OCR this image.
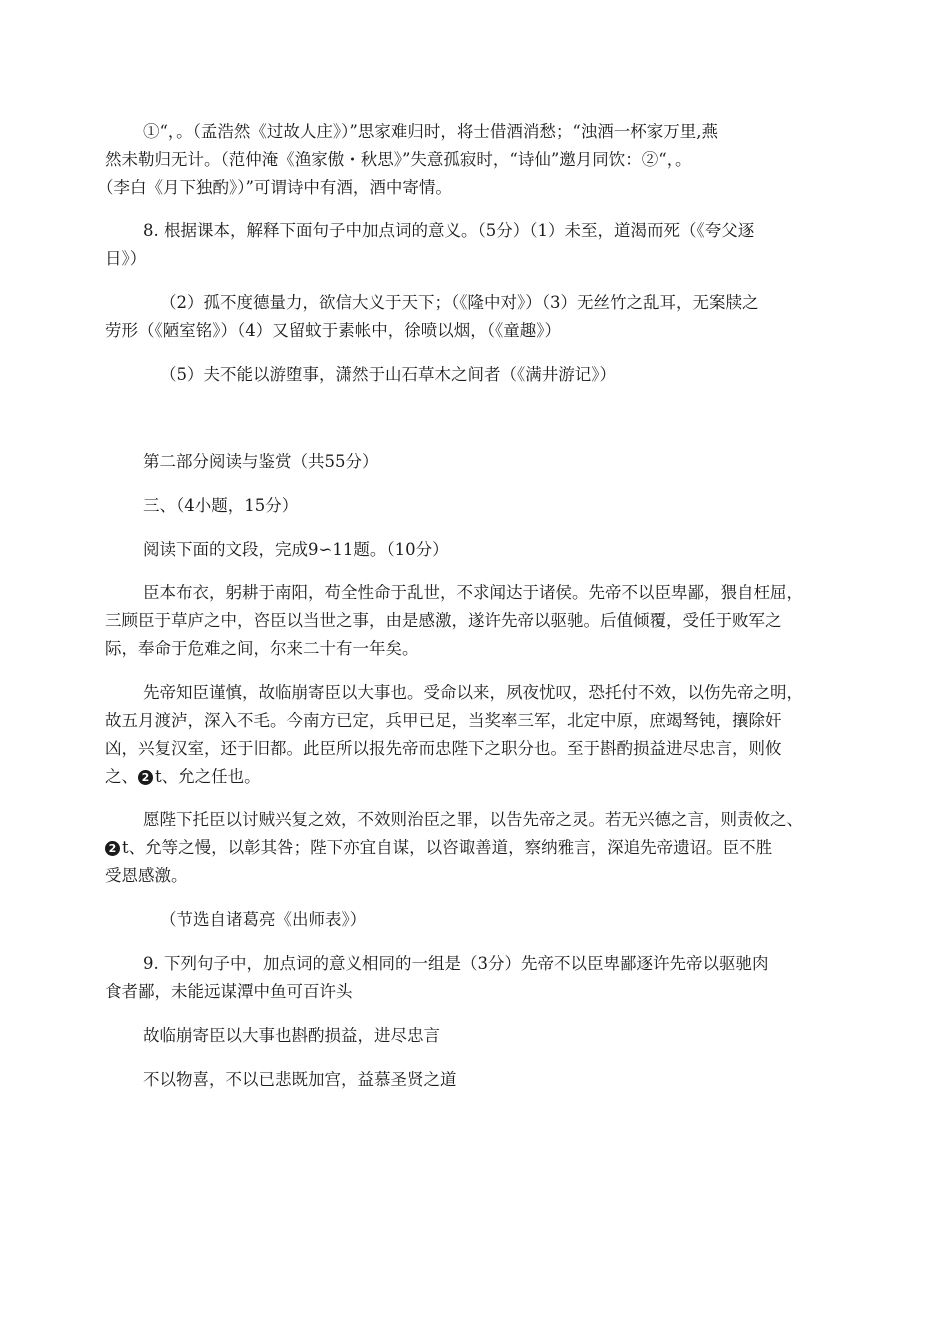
①“，。（孟浩然《过故人庄》）”思家难归时，将士借酒消愁；“浊酒一杯家万里,燕
然未勒归无计。（范仲淹《渔家傲・秋思》”失意孤寂时，“诗仙”邀月同饮：②“，。
（李白《月下独酌》）”可谓诗中有酒，酒中寄情。
8. 根据课本，解释下面句子中加点词的意义。（5分）（1）未至，道渴而死（《夸父逐
日》）
（2）孤不度德量力，欲信大义于天下；（《隆中对》）（3）无丝竹之乱耳，无案牍之
劳形（《陋室铭》）（4）又留蚊于素帐中，徐喷以烟，（《童趣》）
（5）夫不能以游堕事，潇然于山石草木之间者（《满井游记》）
第二部分阅读与鉴赏（共55分）
三、（4小题，15分）
阅读下面的文段，完成9∽11题。（10分）
臣本布衣，躬耕于南阳，苟全性命于乱世，不求闻达于诸侯。先帝不以臣卑鄙，猥自枉屈，
三顾臣于草庐之中，咨臣以当世之事，由是感激，遂许先帝以驱驰。后值倾覆，受任于败军之
际，奉命于危难之间，尔来二十有一年矣。
先帝知臣谨慎，故临崩寄臣以大事也。受命以来，夙夜忧叹，恐托付不效，以伤先帝之明，
故五月渡泸，深入不毛。今南方已定，兵甲已足，当奖率三军，北定中原，庶竭驽钝，攘除奸
凶，兴复汉室，还于旧都。此臣所以报先帝而忠陛下之职分也。至于斟酌损益进尽忠言，则攸
之、 2 t、允之任也。
愿陛下托臣以讨贼兴复之效，不效则治臣之罪，以告先帝之灵。若无兴德之言，则责攸之、
2 t、允等之慢，以彰其咎；陛下亦宜自谋，以咨诹善道，察纳雅言，深追先帝遗诏。臣不胜
受恩感激。
（节选自诸葛亮《出师表》）
9. 下列句子中，加点词的意义相同的一组是（3分）先帝不以臣卑鄙逐许先帝以驱驰肉
食者鄙，未能远谋潭中鱼可百许头
故临崩寄臣以大事也斟酌损益，进尽忠言
不以物喜，不以已悲既加宫，益慕圣贤之道
